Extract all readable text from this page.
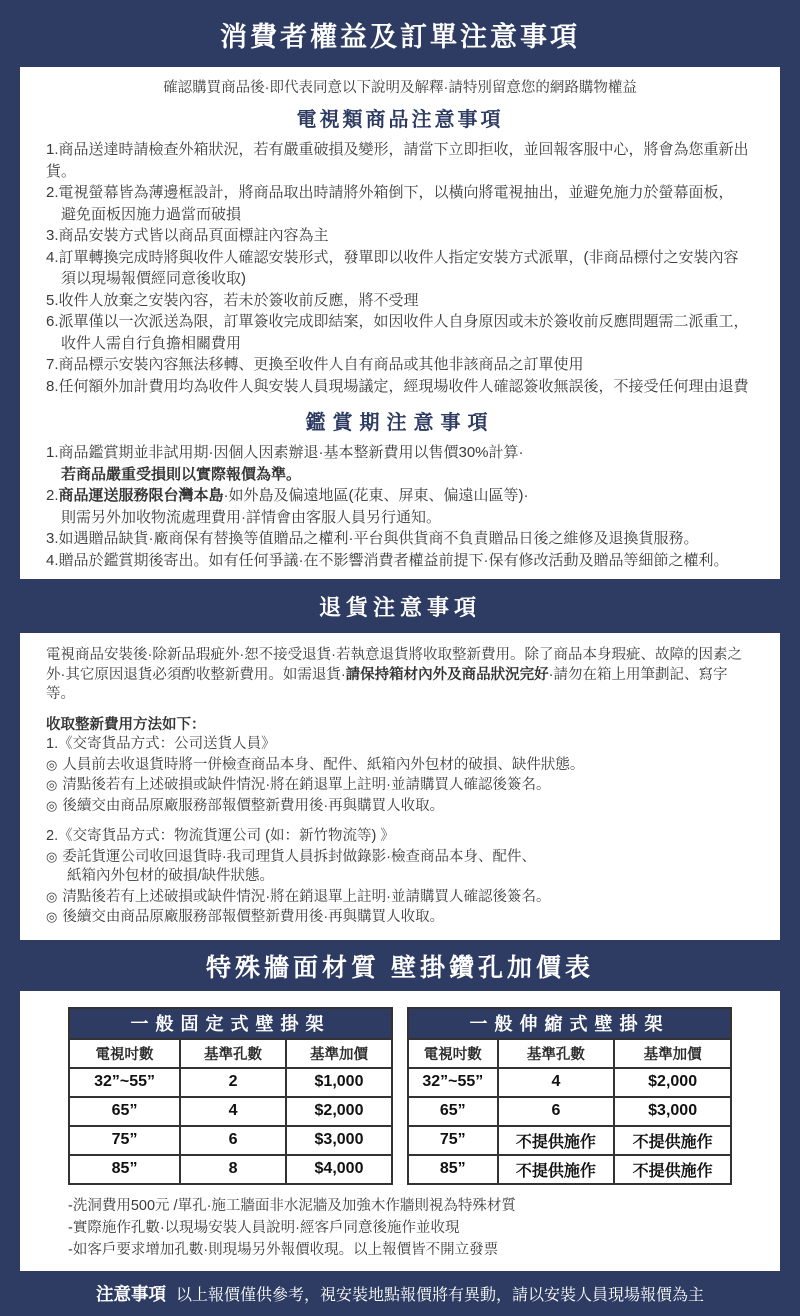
消費者權益及訂單注意事項
確認購買商品後·即代表同意以下說明及解釋·請特別留意您的網路購物權益
電視類商品注意事項
1.商品送達時請檢查外箱狀況，若有嚴重破損及變形，請當下立即拒收，並回報客服中心，將會為您重新出貨。
2.電視螢幕皆為薄邊框設計，將商品取出時請將外箱倒下，以橫向將電視抽出，並避免施力於螢幕面板，
避免面板因施力過當而破損
3.商品安裝方式皆以商品頁面標註內容為主
4.訂單轉換完成時將與收件人確認安裝形式，發單即以收件人指定安裝方式派單，(非商品標付之安裝內容
須以現場報價經同意後收取)
5.收件人放棄之安裝內容，若未於簽收前反應，將不受理
6.派單僅以一次派送為限，訂單簽收完成即結案，如因收件人自身原因或未於簽收前反應問題需二派重工，
收件人需自行負擔相關費用
7.商品標示安裝內容無法移轉、更換至收件人自有商品或其他非該商品之訂單使用
8.任何額外加計費用均為收件人與安裝人員現場議定，經現場收件人確認簽收無誤後，不接受任何理由退費
鑑賞期注意事項
1.商品鑑賞期並非試用期·因個人因素辦退·基本整新費用以售價30%計算·
若商品嚴重受損則以實際報價為準。
2.商品運送服務限台灣本島·如外島及偏遠地區(花東、屏東、偏遠山區等)·
則需另外加收物流處理費用·詳情會由客服人員另行通知。
3.如遇贈品缺貨·廠商保有替換等值贈品之權利·平台與供貨商不負責贈品日後之維修及退換貨服務。
4.贈品於鑑賞期後寄出。如有任何爭議·在不影響消費者權益前提下·保有修改活動及贈品等細節之權利。
退貨注意事項
電視商品安裝後·除新品瑕疵外·恕不接受退貨·若執意退貨將收取整新費用。除了商品本身瑕疵、故障的因素之外·其它原因退貨必須酌收整新費用。如需退貨·請保持箱材內外及商品狀況完好·請勿在箱上用筆劃記、寫字等。
收取整新費用方法如下：
1.《交寄貨品方式：公司送貨人員》
◎ 人員前去收退貨時將一併檢查商品本身、配件、紙箱內外包材的破損、缺件狀態。
◎ 清點後若有上述破損或缺件情況·將在銷退單上註明·並請購買人確認後簽名。
◎ 後續交由商品原廠服務部報價整新費用後·再與購買人收取。
2.《交寄貨品方式：物流貨運公司 (如：新竹物流等) 》
◎ 委託貨運公司收回退貨時·我司理貨人員拆封做錄影·檢查商品本身、配件、
紙箱內外包材的破損/缺件狀態。
◎ 清點後若有上述破損或缺件情況·將在銷退單上註明·並請購買人確認後簽名。
◎ 後續交由商品原廠服務部報價整新費用後·再與購買人收取。
特殊牆面材質 壁掛鑽孔加價表
一般固定式壁掛架		
電視吋數	基準孔數	基準加價
32”~55”	2	$1,000
65”	4	$2,000
75”	6	$3,000
85”	8	$4,000
一般伸縮式壁掛架		
電視吋數	基準孔數	基準加價
32”~55”	4	$2,000
65”	6	$3,000
75”	不提供施作	不提供施作
85”	不提供施作	不提供施作
-洗洞費用500元 /單孔·施工牆面非水泥牆及加強木作牆則視為特殊材質
-實際施作孔數·以現場安裝人員說明·經客戶同意後施作並收現
-如客戶要求增加孔數·則現場另外報價收現。以上報價皆不開立發票
注意事項 以上報價僅供參考，視安裝地點報價將有異動，請以安裝人員現場報價為主
